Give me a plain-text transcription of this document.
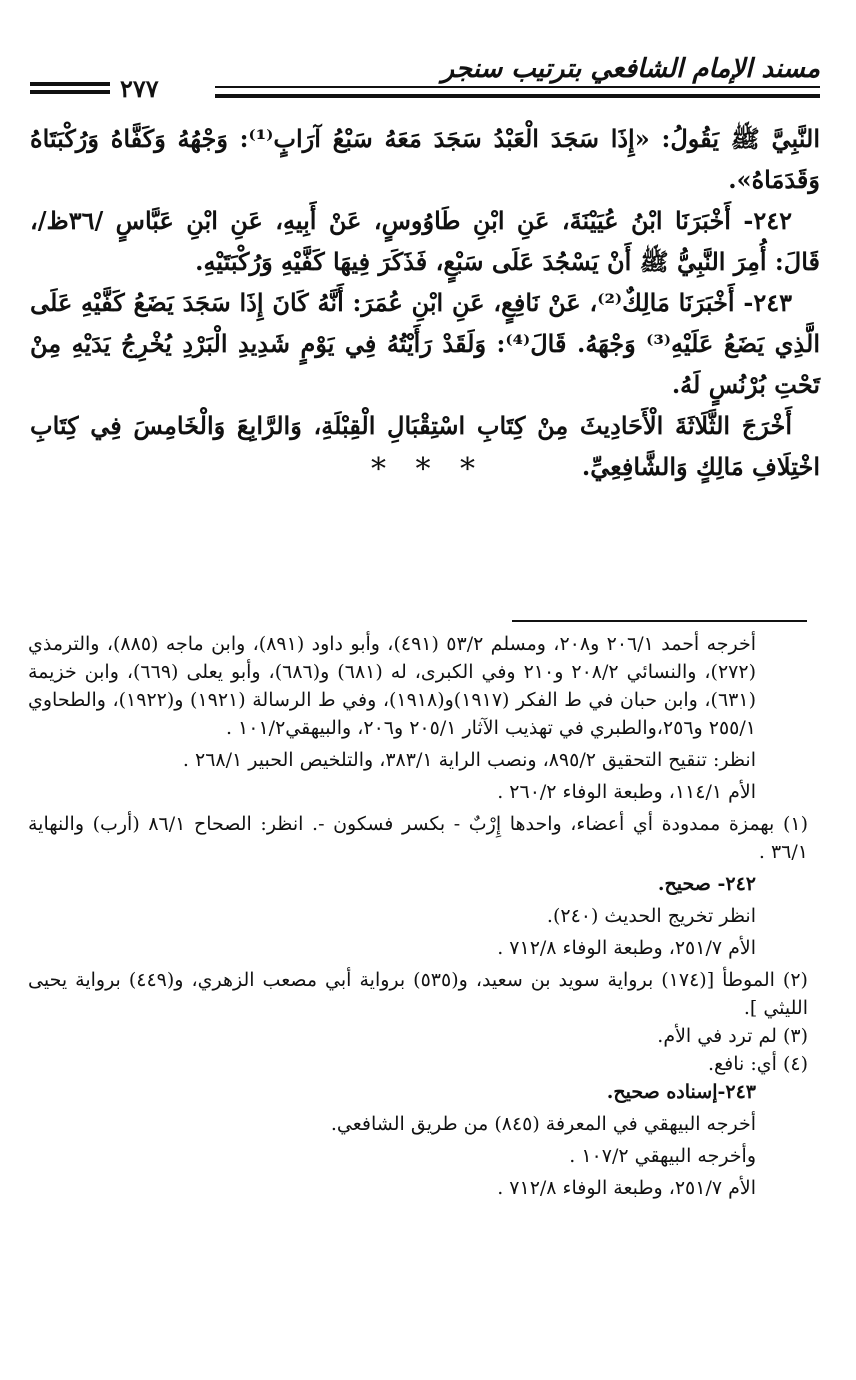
٢٧٧
مسند الإمام الشافعي بترتيب سنجر

النَّبِيَّ ﷺ يَقُولُ: «إِذَا سَجَدَ الْعَبْدُ سَجَدَ مَعَهُ سَبْعُ آرَابٍ⁽¹⁾: وَجْهُهُ وَكَفَّاهُ وَرُكْبَتَاهُ وَقَدَمَاهُ».

٢٤٢- أَخْبَرَنَا ابْنُ عُيَيْنَةَ، عَنِ ابْنِ طَاوُوسٍ، عَنْ أَبِيهِ، عَنِ ابْنِ عَبَّاسٍ /٣٦ظ/، قَالَ: أُمِرَ النَّبِيُّ ﷺ أَنْ يَسْجُدَ عَلَى سَبْعٍ، فَذَكَرَ فِيهَا كَفَّيْهِ وَرُكْبَتَيْهِ.

٢٤٣- أَخْبَرَنَا مَالِكٌ⁽²⁾، عَنْ نَافِعٍ، عَنِ ابْنِ عُمَرَ: أَنَّهُ كَانَ إِذَا سَجَدَ يَضَعُ كَفَّيْهِ عَلَى الَّذِي يَضَعُ عَلَيْهِ⁽³⁾ وَجْهَهُ. قَالَ⁽⁴⁾: وَلَقَدْ رَأَيْتُهُ فِي يَوْمٍ شَدِيدِ الْبَرْدِ يُخْرِجُ يَدَيْهِ مِنْ تَحْتِ بُرْنُسٍ لَهُ.

أَخْرَجَ الثَّلَاثَةَ الْأَحَادِيثَ مِنْ كِتَابِ اسْتِقْبَالِ الْقِبْلَةِ، وَالرَّابِعَ وَالْخَامِسَ فِي كِتَابِ اخْتِلَافِ مَالِكٍ وَالشَّافِعِيِّ.

* * *

أخرجه أحمد ٢٠٦/١ و٢٠٨، ومسلم ٥٣/٢ (٤٩١)، وأبو داود (٨٩١)، وابن ماجه (٨٨٥)، والترمذي (٢٧٢)، والنسائي ٢٠٨/٢ و٢١٠ وفي الكبرى، له (٦٨١) و(٦٨٦)، وأبو يعلى (٦٦٩)، وابن خزيمة (٦٣١)، وابن حبان في ط الفكر (١٩١٧)و(١٩١٨)، وفي ط الرسالة (١٩٢١) و(١٩٢٢)، والطحاوي ٢٥٥/١ و٢٥٦،والطبري في تهذيب الآثار ٢٠٥/١ و٢٠٦، والبيهقي١٠١/٢ .

انظر: تنقيح التحقيق ٨٩٥/٢، ونصب الراية ٣٨٣/١، والتلخيص الحبير ٢٦٨/١ .

الأم ١١٤/١، وطبعة الوفاء ٢٦٠/٢ .

(١) بهمزة ممدودة أي أعضاء، واحدها إِرْبٌ - بكسر فسكون -. انظر: الصحاح ٨٦/١ (أرب) والنهاية ٣٦/١ .

٢٤٢- صحيح.

انظر تخريج الحديث (٢٤٠).

الأم ٢٥١/٧، وطبعة الوفاء ٧١٢/٨ .

(٢) الموطأ [(١٧٤) برواية سويد بن سعيد، و(٥٣٥) برواية أبي مصعب الزهري، و(٤٤٩) برواية يحيى الليثي ].

(٣) لم ترد في الأم.

(٤) أي: نافع.

٢٤٣-إسناده صحيح.

أخرجه البيهقي في المعرفة (٨٤٥) من طريق الشافعي.

وأخرجه البيهقي ١٠٧/٢ .

الأم ٢٥١/٧، وطبعة الوفاء ٧١٢/٨ .
